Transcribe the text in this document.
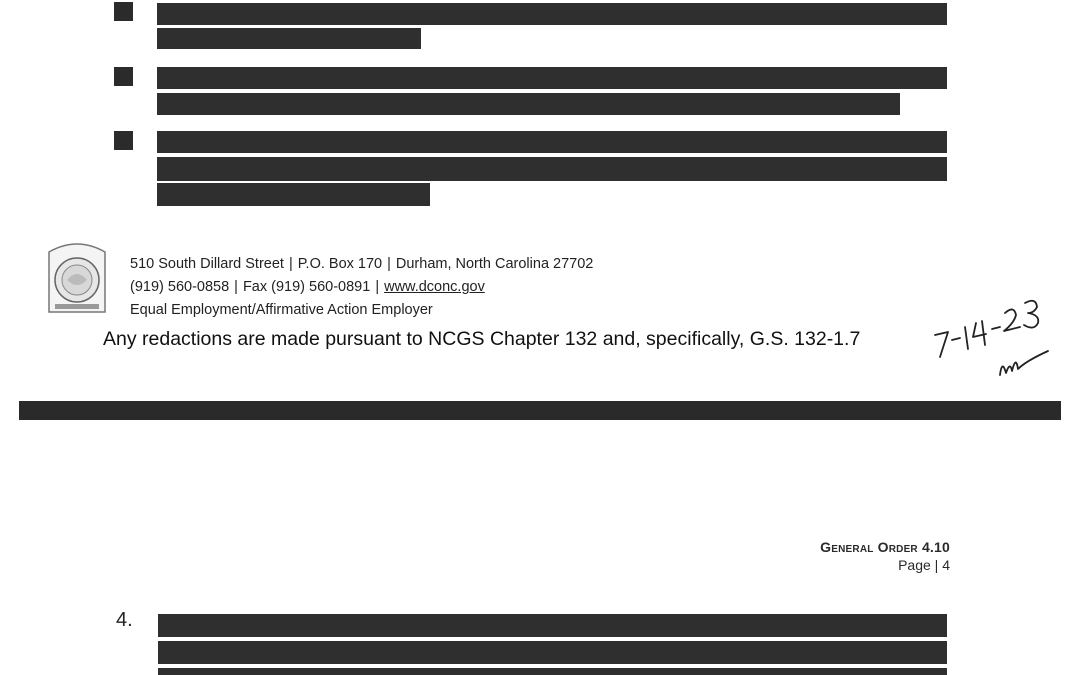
510 South Dillard Street | P.O. Box 170 | Durham, North Carolina 27702
(919) 560-0858 | Fax (919) 560-0891 | www.dconc.gov
Equal Employment/Affirmative Action Employer
Any redactions are made pursuant to NCGS Chapter 132 and, specifically, G.S. 132-1.7
General Order 4.10
Page | 4
4.
